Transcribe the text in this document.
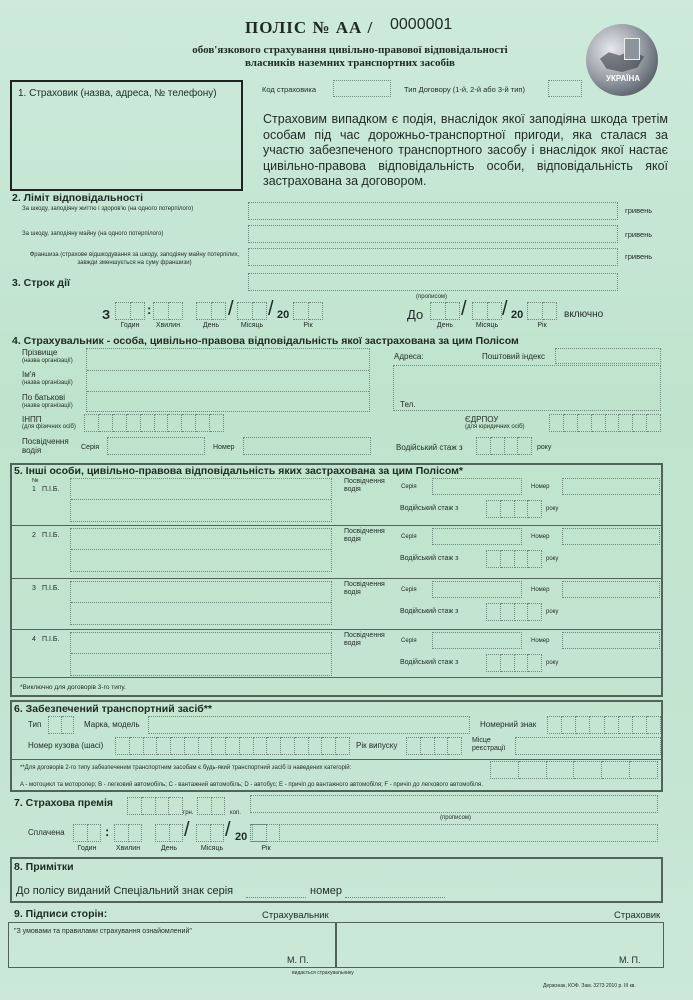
ПОЛІС № АА / 0000001
обов'язкового страхування цивільно-правової відповідальності
власників наземних транспортних засобів
УКРАЇНА
1. Страховик (назва, адреса, № телефону)	Код страховика	Тип Договору (1-й, 2-й або 3-й тип)
Страховим випадком є подія, внаслідок якої заподіяна шкода третім особам під час дорожньо-транспортної пригоди, яка сталася за участю забезпеченого транспортного засобу і внаслідок якої настає цивільно-правова відповідальність особи, відповідальність якої застрахована за договором.
2. Ліміт відповідальності
За шкоду, заподіяну життю і здоров'ю (на одного потерпілого)	гривень
За шкоду, заподіяну майну (на одного потерпілого)	гривень
Франшиза (страхове відшкодування за шкоду, заподіяну майну потерпілих, завжди зменшується на суму франшизи)
гривень
(прописом)
3. Строк дії
З	:	/ / 20
Годин	Хвилин	День	Місяць	Рік
До / / 20	включно
День	Місяць	Рік
4. Страхувальник - особа, цивільно-правова відповідальність якої застрахована за цим Полісом
Прізвище
(назва організації)
Ім'я
(назва організації)
По батькові
(назва організації)
ІНПП
(для фізичних осіб)
Адреса:	Поштовий індекс
Тел.
ЄДРПОУ
(для юридичних осіб)
Посвідчення
водія	Серія	Номер	Водійський стаж з	року
5. Інші особи, цивільно-правова відповідальність яких застрахована за цим Полісом*
№
1 П.І.Б.
Посвідчення
водія	Серія	Номер
Водійський стаж з	року
2 П.І.Б.
Посвідчення
водія	Серія	Номер
Водійський стаж з	року
3 П.І.Б.
Посвідчення
водія	Серія	Номер
Водійський стаж з	року
4 П.І.Б.
Посвідчення
водія	Серія	Номер
Водійський стаж з	року
*Виключно для договорів 3-го типу.
6. Забезпечений транспортний засіб**
Тип	Марка, модель	Номерний знак
Номер кузова (шасі)	Рік випуску
Місце
реєстрації
**Для договорів 2-го типу забезпеченим транспортним засобам є будь-який транспортний засіб із наведених категорій:
A - мотоцикл та моторолер; B - легковий автомобіль; C - вантажний автомобіль; D - автобус; E - причіп до вантажного автомобіля; F - причіп до легкового автомобіля.
7. Страхова премія
грн.	коп.
(прописом)
Сплачена	:	/ / 20
Годин	Хвилин	День	Місяць	Рік
8. Примітки
До полісу виданий Спеціальний знак серія	номер
9. Підписи сторін:	Страхувальник	Страховик
"З умовами та правилами страхування ознайомлений"
М. П.	М. П.
видається страхувальнику
Держзнак, КОФ. Зам. 3273 2010 р. III кв.
